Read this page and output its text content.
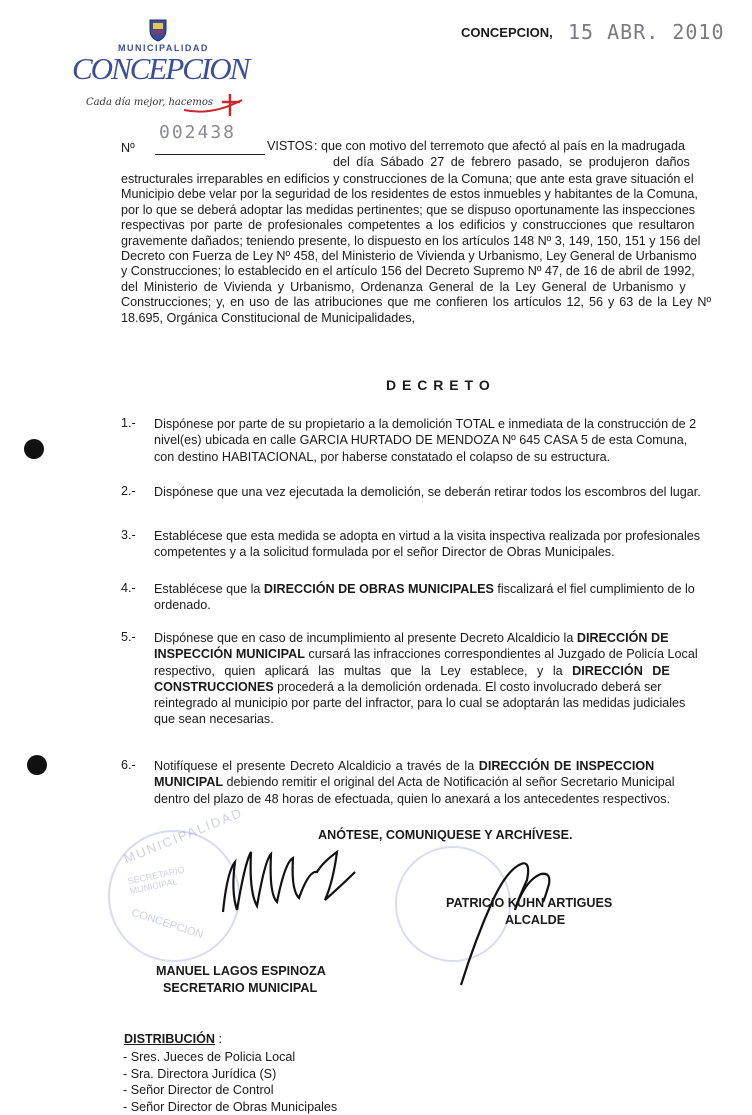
MUNICIPALIDAD
CONCEPCION
Cada día mejor, hacemos
CONCEPCION, 15 ABR. 2010
Nº
002438
VISTOS : que con motivo del terremoto que afectó al país en la madrugada
del día Sábado 27 de febrero pasado, se produjeron daños
estructurales irreparables en edificios y construcciones de la Comuna; que ante esta grave situación el
Municipio debe velar por la seguridad de los residentes de estos inmuebles y habitantes de la Comuna,
por lo que se deberá adoptar las medidas pertinentes; que se dispuso oportunamente las inspecciones
respectivas por parte de profesionales competentes a los edificios y construcciones que resultaron
gravemente dañados; teniendo presente, lo dispuesto en los artículos 148 Nº 3, 149, 150, 151 y 156 del
Decreto con Fuerza de Ley Nº 458, del Ministerio de Vivienda y Urbanismo, Ley General de Urbanismo
y Construcciones; lo establecido en el artículo 156 del Decreto Supremo Nº 47, de 16 de abril de 1992,
del Ministerio de Vivienda y Urbanismo, Ordenanza General de la Ley General de Urbanismo y
Construcciones; y, en uso de las atribuciones que me confieren los artículos 12, 56 y 63 de la Ley Nº
18.695, Orgánica Constitucional de Municipalidades,
D E C R E T O
1.- Dispónese por parte de su propietario a la demolición TOTAL e inmediata de la construcción de 2
nivel(es) ubicada en calle GARCIA HURTADO DE MENDOZA Nº 645 CASA 5 de esta Comuna,
con destino HABITACIONAL, por haberse constatado el colapso de su estructura.
2.- Dispónese que una vez ejecutada la demolición, se deberán retirar todos los escombros del lugar.
3.- Establécese que esta medida se adopta en virtud a la visita inspectiva realizada por profesionales
competentes y a la solicitud formulada por el señor Director de Obras Municipales.
4.- Establécese que la DIRECCIÓN DE OBRAS MUNICIPALES fiscalizará el fiel cumplimiento de lo
ordenado.
5.- Dispónese que en caso de incumplimiento al presente Decreto Alcaldicio la DIRECCIÓN DE
INSPECCIÓN MUNICIPAL cursará las infracciones correspondientes al Juzgado de Policía Local
respectivo, quien aplicará las multas que la Ley establece, y la DIRECCIÓN DE
CONSTRUCCIONES procederá a la demolición ordenada. El costo involucrado deberá ser
reintegrado al municipio por parte del infractor, para lo cual se adoptarán las medidas judiciales
que sean necesarias.
6.- Notifíquese el presente Decreto Alcaldicio a través de la DIRECCIÓN DE INSPECCION
MUNICIPAL debiendo remitir el original del Acta de Notificación al señor Secretario Municipal
dentro del plazo de 48 horas de efectuada, quien lo anexará a los antecedentes respectivos.
ANÓTESE, COMUNIQUESE Y ARCHÍVESE.
MUNICIPALIDAD
SECRETARIO MUNICIPAL
CONCEPCION
PATRICIO KUHN ARTIGUES
ALCALDE
MANUEL LAGOS ESPINOZA
SECRETARIO MUNICIPAL
DISTRIBUCIÓN :
- Sres. Jueces de Policia Local
- Sra. Directora Jurídica (S)
- Señor Director de Control
- Señor Director de Obras Municipales
